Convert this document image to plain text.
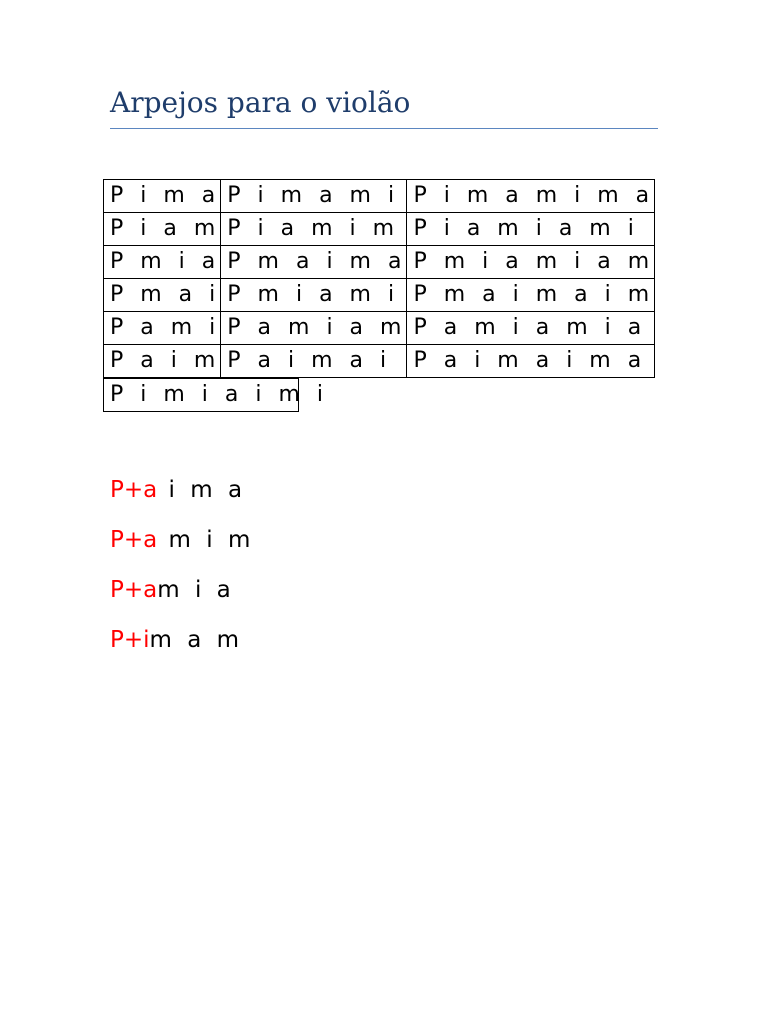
Arpejos para o violão
P i m a	P i m a m i	P i m a m i m a
P i a m	P i a m i m	P i a m i a m i
P m i a	P m a i m a	P m i a m i a m
P m a i	P m i a m i	P m a i m a i m
P a m i	P a m i a m	P a m i a m i a
P a i m	P a i m a i	P a i m a i m a
P i m i a i m i
P+a i m a
P+a m i m
P+am i a
P+im a m
